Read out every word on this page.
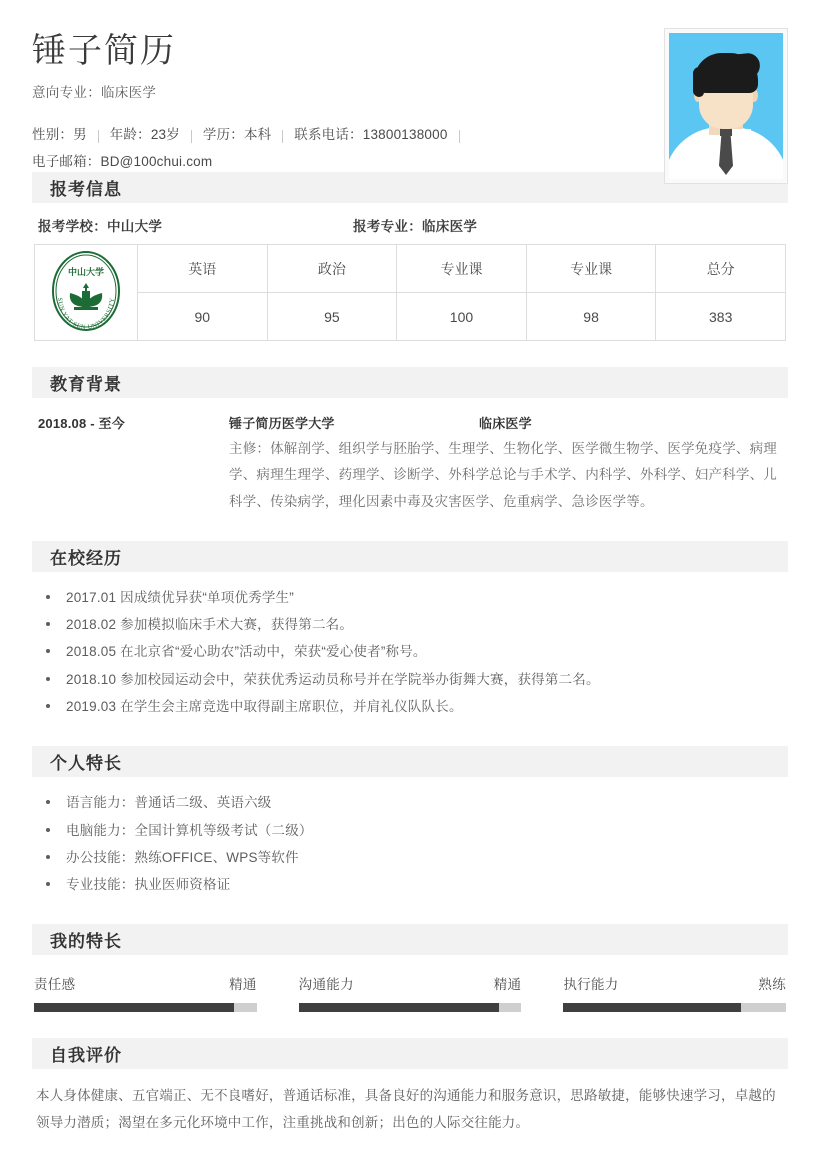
锤子简历
意向专业：临床医学
性别：男 年龄：23岁 学历：本科 联系电话：13800138000
电子邮箱：BD@100chui.com
报考信息
报考学校：中山大学	报考专业：临床医学
中山大学
SUN YAT-SEN UNIVERSITY	英语	政治	专业课	专业课	总分
	90	95	100	98	383
教育背景
2018.08 - 至今	锤子简历医学大学	临床医学
主修：体解剖学、组织学与胚胎学、生理学、生物化学、医学微生物学、医学免疫学、病理学、病理生理学、药理学、诊断学、外科学总论与手术学、内科学、外科学、妇产科学、儿科学、传染病学，理化因素中毒及灾害医学、危重病学、急诊医学等。
在校经历
2017.01 因成绩优异获“单项优秀学生”
2018.02 参加模拟临床手术大赛，获得第二名。
2018.05 在北京省“爱心助农”活动中，荣获“爱心使者”称号。
2018.10 参加校园运动会中，荣获优秀运动员称号并在学院举办街舞大赛，获得第二名。
2019.03 在学生会主席竞选中取得副主席职位，并肩礼仪队队长。
个人特长
语言能力：普通话二级、英语六级
电脑能力：全国计算机等级考试（二级）
办公技能：熟练OFFICE、WPS等软件
专业技能：执业医师资格证
我的特长
责任感	精通	沟通能力	精通	执行能力	熟练
自我评价
本人身体健康、五官端正、无不良嗜好，普通话标准，具备良好的沟通能力和服务意识，思路敏捷，能够快速学习，卓越的领导力潜质；渴望在多元化环境中工作，注重挑战和创新；出色的人际交往能力。
